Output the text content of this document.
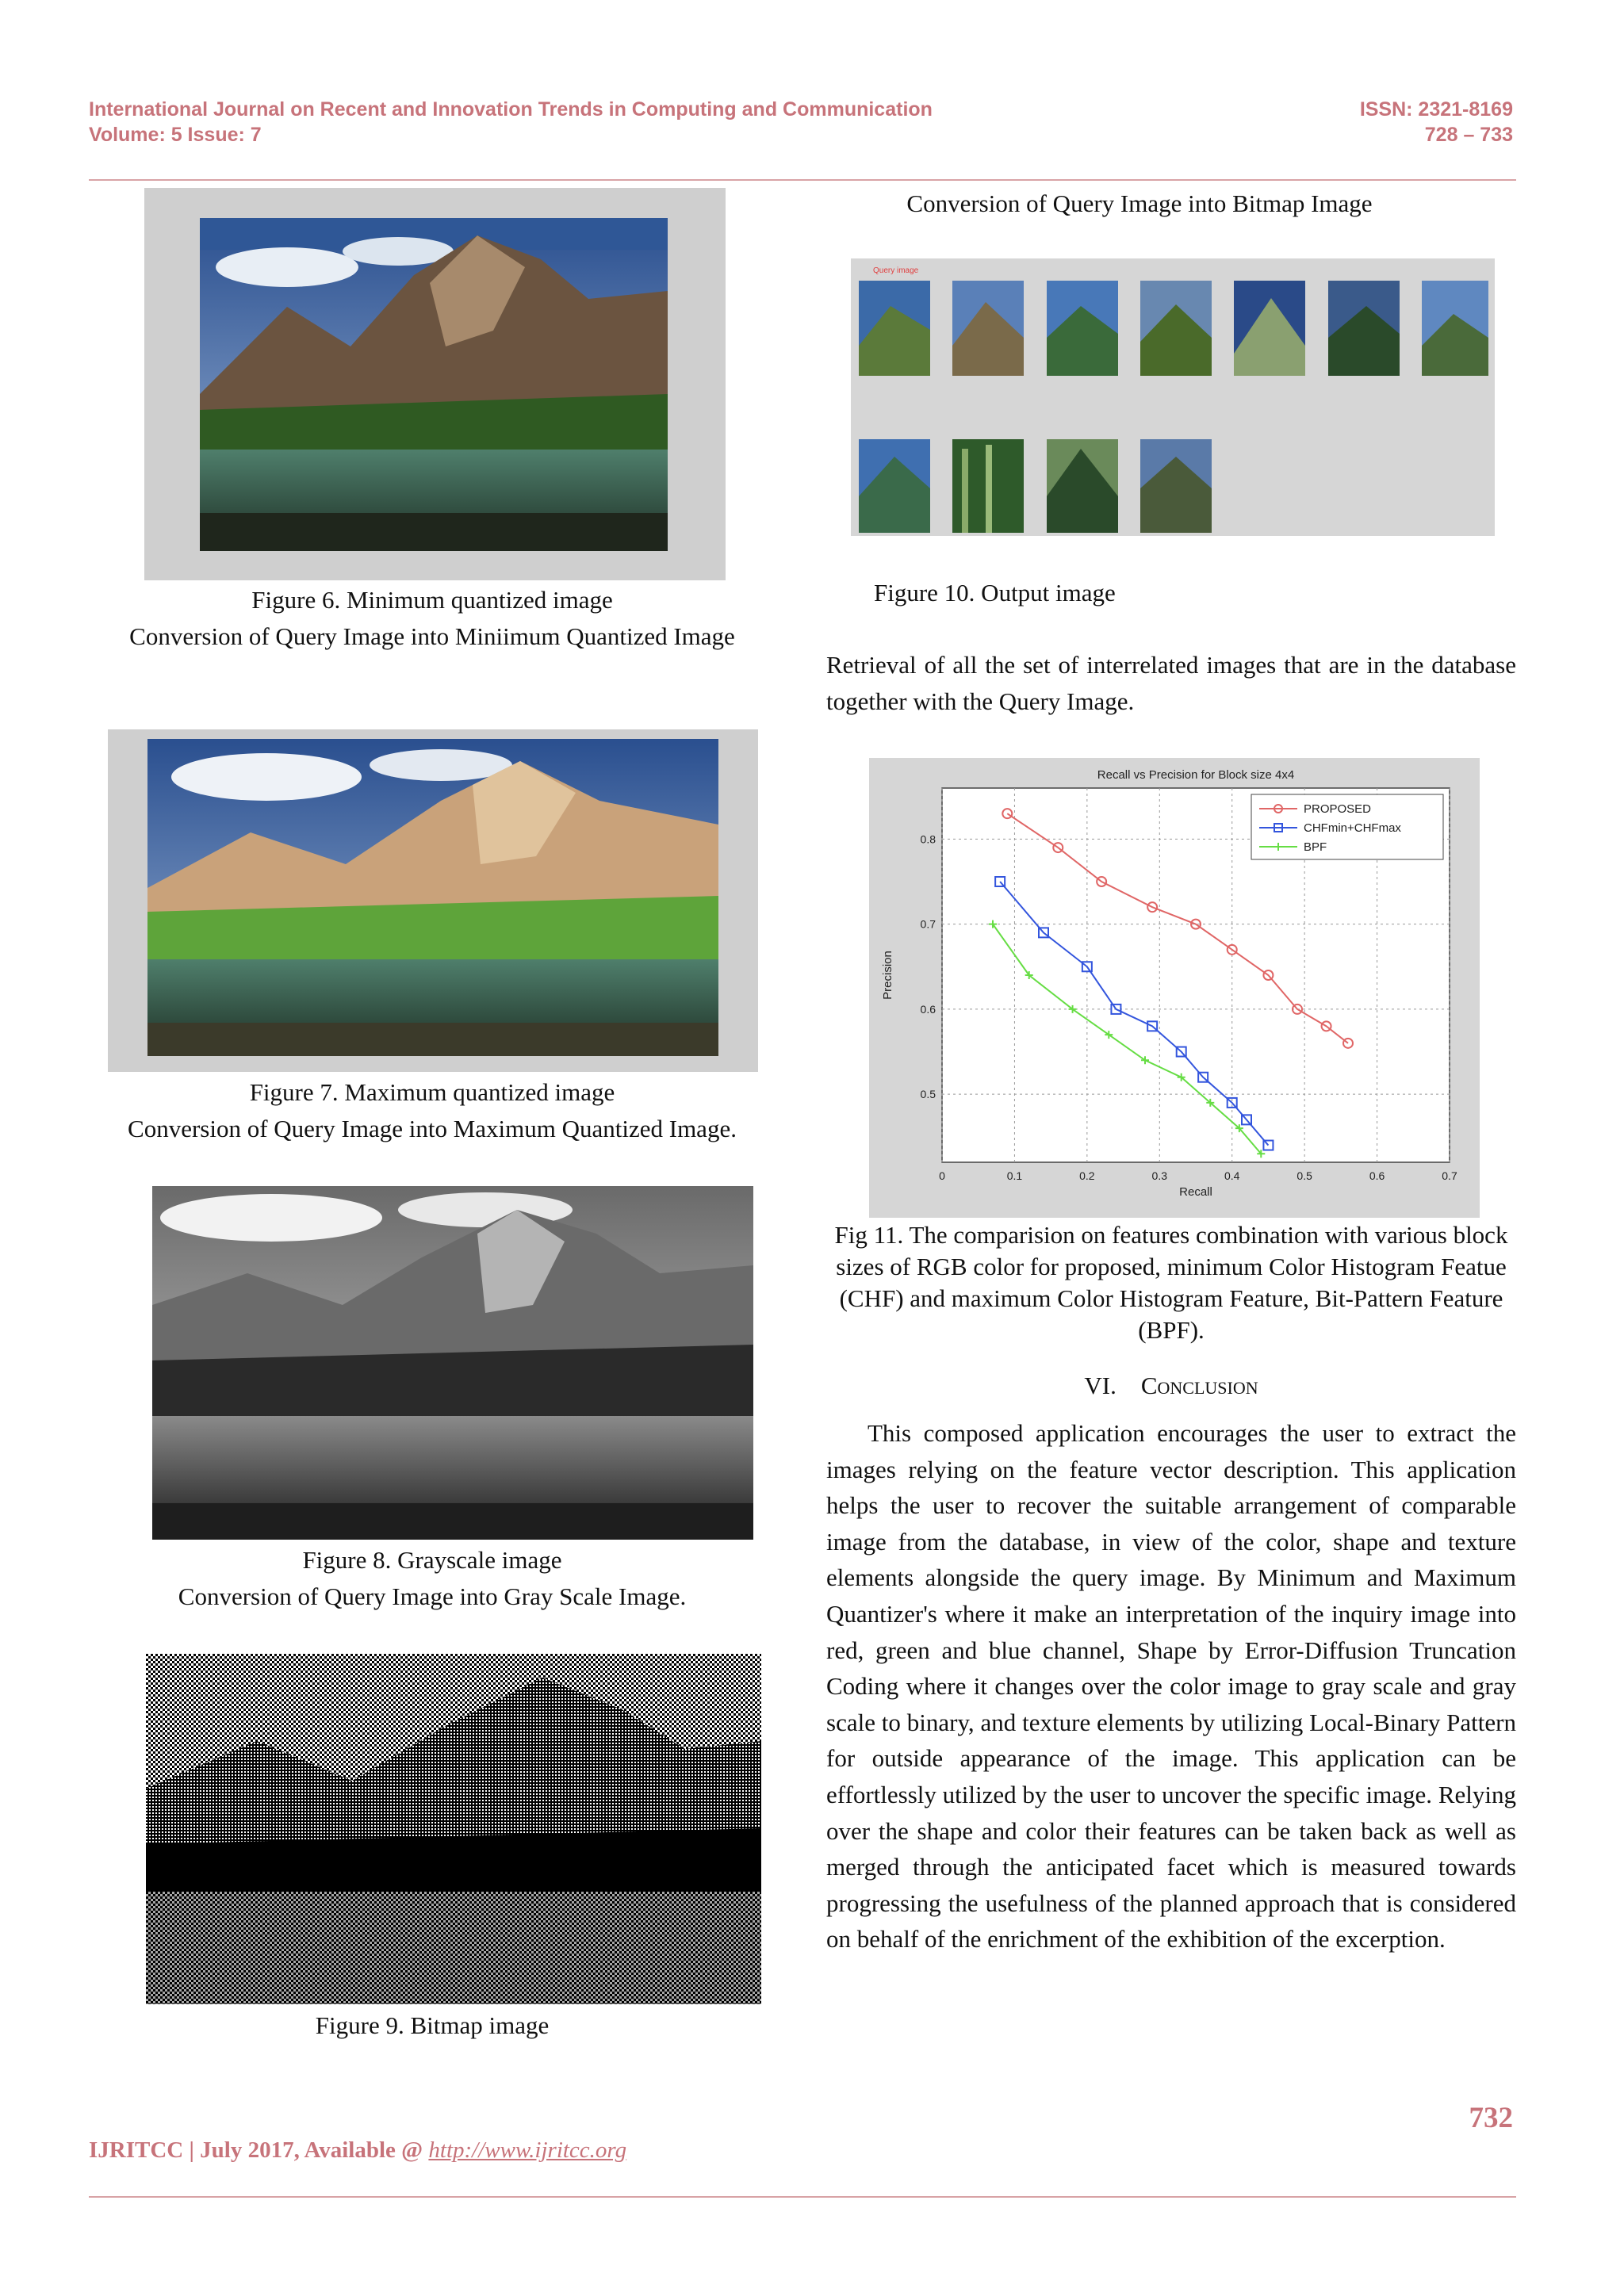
International Journal on Recent and Innovation Trends in Computing and Communication
Volume: 5 Issue: 7
ISSN: 2321-8169
728 – 733
Figure 6. Minimum quantized image
Conversion of Query Image into Miniimum Quantized Image
Figure 7. Maximum quantized image
Conversion of Query Image into Maximum Quantized Image.
Figure 8. Grayscale image
Conversion of Query Image into Gray Scale Image.
Figure 9. Bitmap image
Conversion of Query Image into Bitmap Image
Query image
Figure 10. Output image
Retrieval of all the set of interrelated images that are in the database together with the Query Image.
0	0.1	0.2	0.3	0.4	0.5	0.6	0.7
0.5
0.6
0.7
0.8
Recall vs Precision for Block size 4x4
Recall
Precision
PROPOSED
CHFmin+CHFmax
BPF
Fig 11. The comparision on features combination with various block sizes of RGB color for proposed, minimum Color Histogram Featue (CHF) and maximum Color Histogram Feature, Bit-Pattern Feature (BPF).
VI. Conclusion
This composed application encourages the user to extract the images relying on the feature vector description. This application helps the user to recover the suitable arrangement of comparable image from the database, in view of the color, shape and texture elements alongside the query image. By Minimum and Maximum Quantizer's where it make an interpretation of the inquiry image into red, green and blue channel, Shape by Error-Diffusion Truncation Coding where it changes over the color image to gray scale and gray scale to binary, and texture elements by utilizing Local-Binary Pattern for outside appearance of the image. This application can be effortlessly utilized by the user to uncover the specific image. Relying over the shape and color their features can be taken back as well as merged through the anticipated facet which is measured towards progressing the usefulness of the planned approach that is considered on behalf of the enrichment of the exhibition of the excerption.
732
IJRITCC | July 2017, Available @ http://www.ijritcc.org
